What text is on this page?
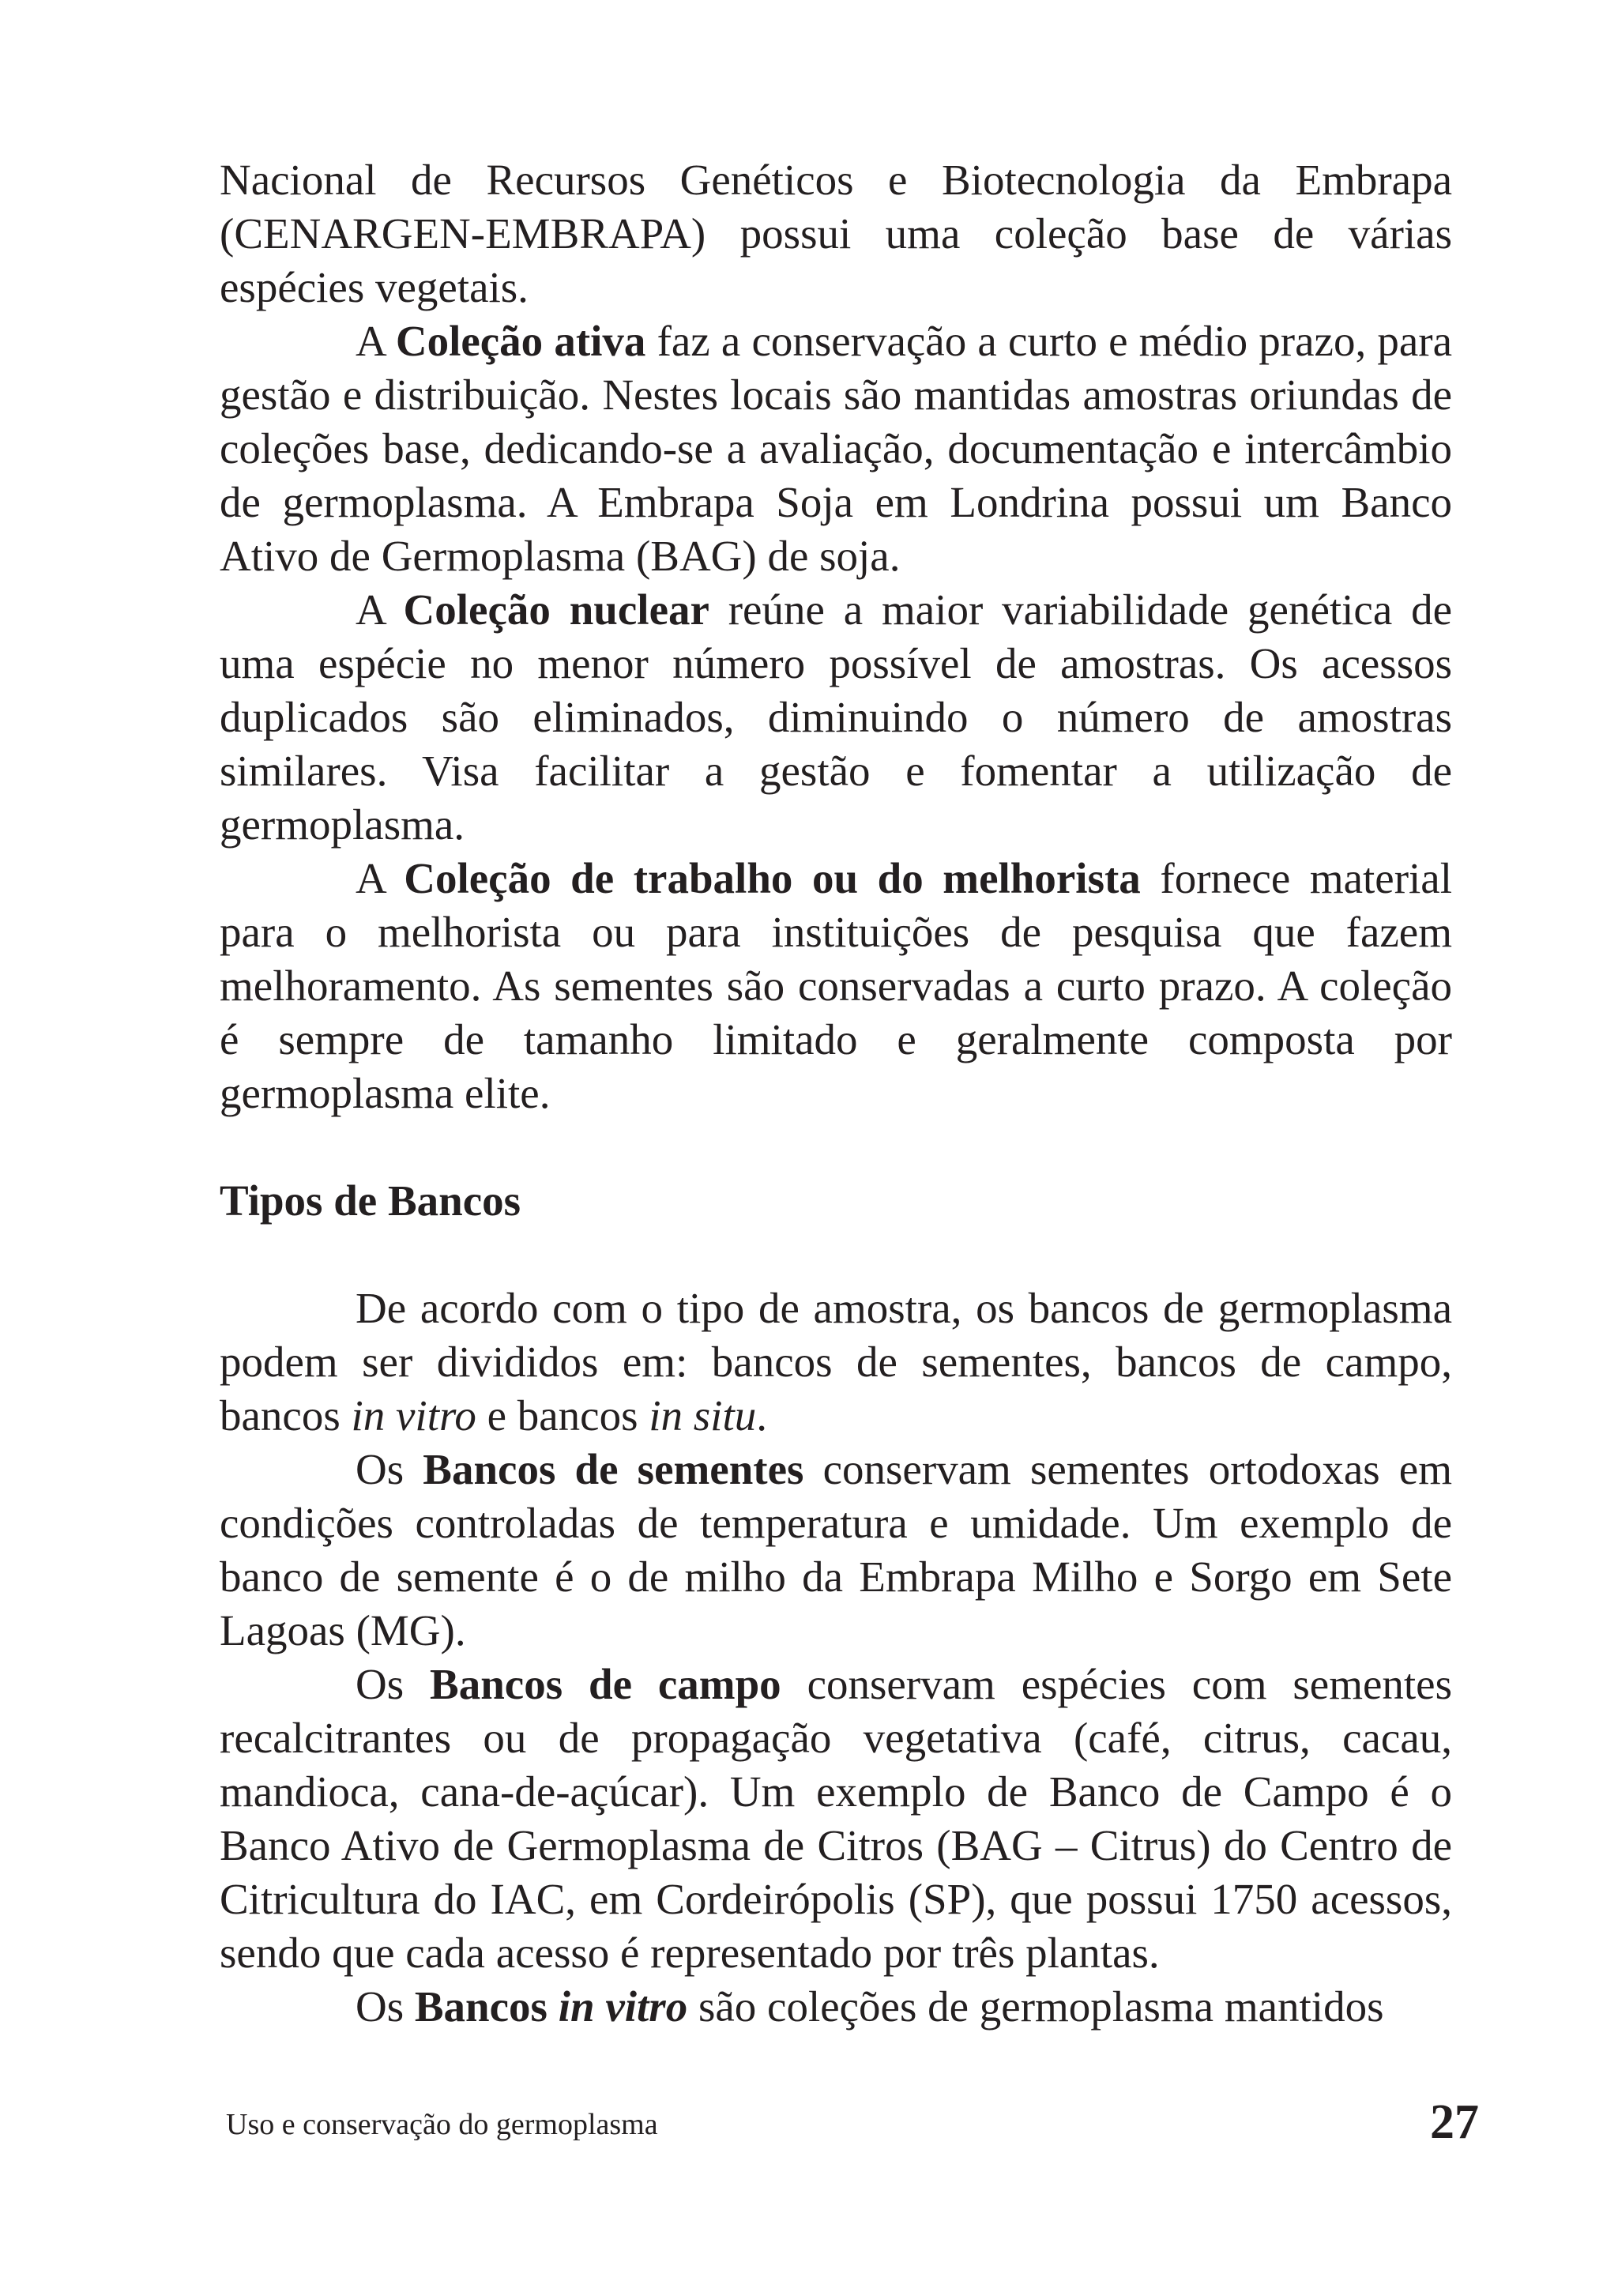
Nacional de Recursos Genéticos e Biotecnologia da Embrapa (CENARGEN-EMBRAPA) possui uma coleção base de várias espécies vegetais.

A Coleção ativa faz a conservação a curto e médio prazo, para gestão e distribuição. Nestes locais são mantidas amostras oriundas de coleções base, dedicando-se a avaliação, documentação e intercâmbio de germoplasma. A Embrapa Soja em Londrina possui um Banco Ativo de Germoplasma (BAG) de soja.

A Coleção nuclear reúne a maior variabilidade genética de uma espécie no menor número possível de amostras. Os acessos duplicados são eliminados, diminuindo o número de amostras similares. Visa facilitar a gestão e fomentar a utilização de germoplasma.

A Coleção de trabalho ou do melhorista fornece material para o melhorista ou para instituições de pesquisa que fazem melhoramento. As sementes são conservadas a curto prazo. A coleção é sempre de tamanho limitado e geralmente composta por germoplasma elite.

Tipos de Bancos

De acordo com o tipo de amostra, os bancos de germoplasma podem ser divididos em: bancos de sementes, bancos de campo, bancos in vitro e bancos in situ.

Os Bancos de sementes conservam sementes ortodoxas em condições controladas de temperatura e umidade. Um exemplo de banco de semente é o de milho da Embrapa Milho e Sorgo em Sete Lagoas (MG).

Os Bancos de campo conservam espécies com sementes recalcitrantes ou de propagação vegetativa (café, citrus, cacau, mandioca, cana-de-açúcar). Um exemplo de Banco de Campo é o Banco Ativo de Germoplasma de Citros (BAG – Citrus) do Centro de Citricultura do IAC, em Cordeirópolis (SP), que possui 1750 acessos, sendo que cada acesso é representado por três plantas.

Os Bancos in vitro são coleções de germoplasma mantidos

Uso e conservação do germoplasma	27
